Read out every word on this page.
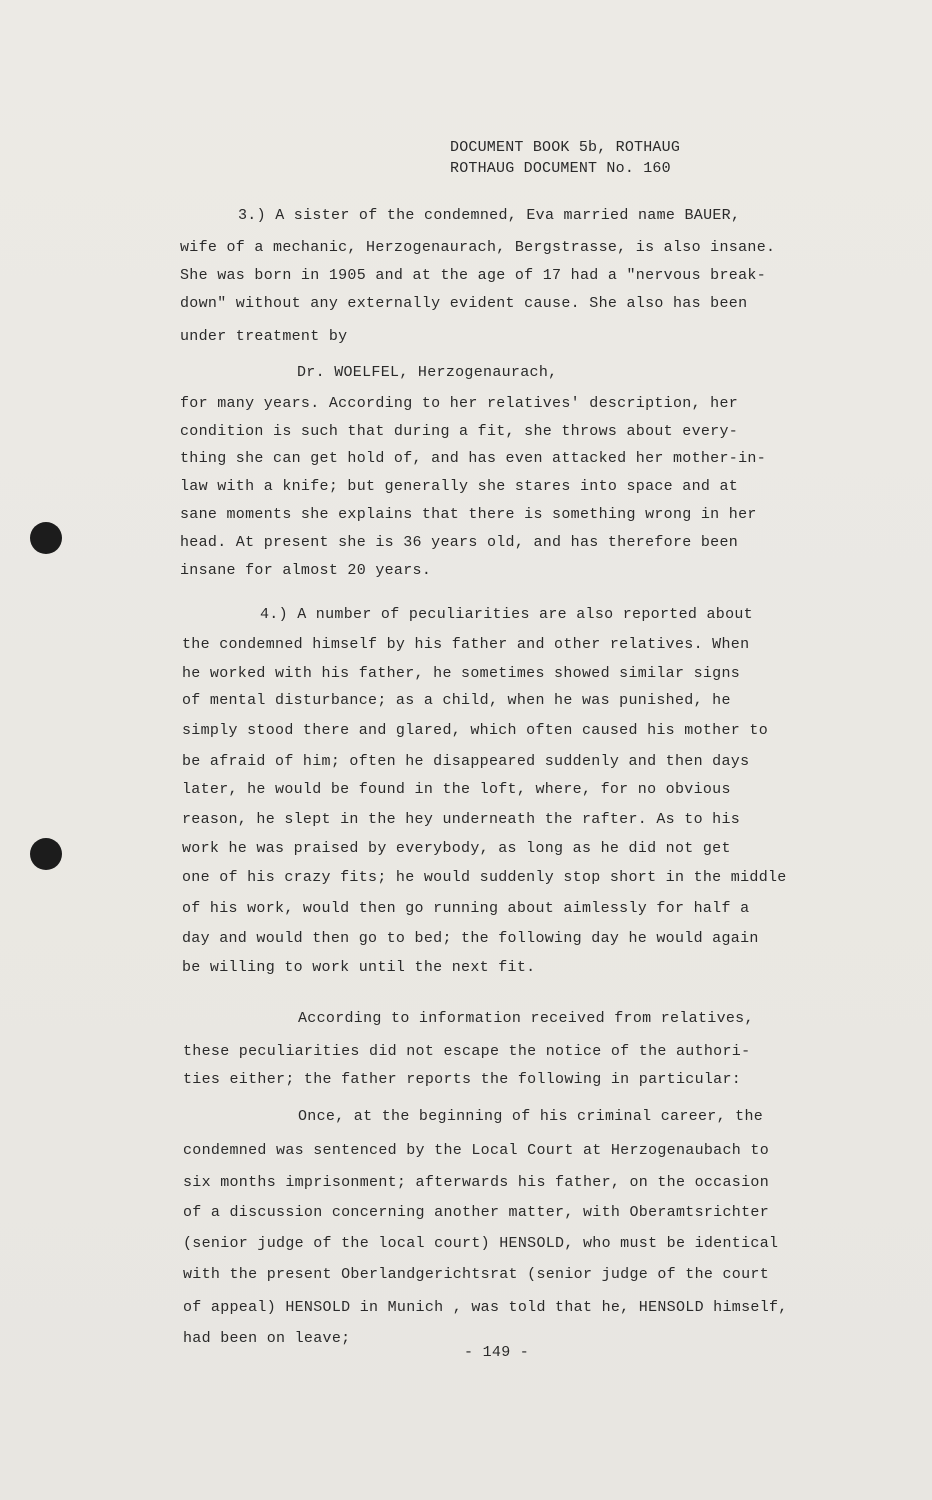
DOCUMENT BOOK 5b, ROTHAUG
ROTHAUG DOCUMENT No. 160
3.) A sister of the condemned, Eva married name BAUER,
wife of a mechanic, Herzogenaurach, Bergstrasse, is also insane.
She was born in 1905 and at the age of 17 had a "nervous break-
down" without any externally evident cause. She also has been
under treatment by
Dr. WOELFEL, Herzogenaurach,
for many years. According to her relatives' description, her
condition is such that during a fit, she throws about every-
thing she can get hold of, and has even attacked her mother-in-
law with a knife; but generally she stares into space and at
sane moments she explains that there is something wrong in her
head. At present she is 36 years old, and has therefore been
insane for almost 20 years.
4.) A number of peculiarities are also reported about
the condemned himself by his father and other relatives. When
he worked with his father, he sometimes showed similar signs
of mental disturbance; as a child, when he was punished, he
simply stood there and glared, which often caused his mother to
be afraid of him; often he disappeared suddenly and then days
later, he would be found in the loft, where, for no obvious
reason, he slept in the hey underneath the rafter. As to his
work he was praised by everybody, as long as he did not get
one of his crazy fits; he would suddenly stop short in the middle
of his work, would then go running about aimlessly for half a
day and would then go to bed; the following day he would again
be willing to work until the next fit.
According to information received from relatives,
these peculiarities did not escape the notice of the authori-
ties either; the father reports the following in particular:
Once, at the beginning of his criminal career, the
condemned was sentenced by the Local Court at Herzogenaubach to
six months imprisonment; afterwards his father, on the occasion
of a discussion concerning another matter, with Oberamtsrichter
(senior judge of the local court) HENSOLD, who must be identical
with the present Oberlandgerichtsrat (senior judge of the court
of appeal) HENSOLD in Munich , was told that he, HENSOLD himself,
had been on leave;
- 149 -
